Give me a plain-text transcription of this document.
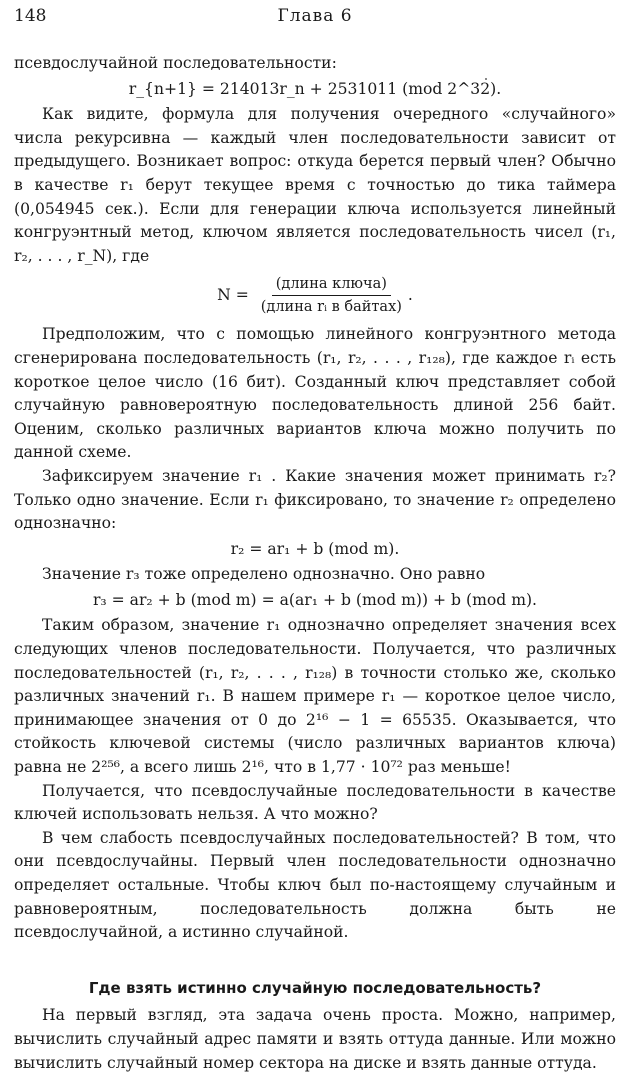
148	Глава 6

псевдослучайной последовательности:

r_{n+1} = 214013r_n + 2531011 (mod 2^32).

Как видите, формула для получения очередного «случайного» числа рекурсивна — каждый член последовательности зависит от предыдущего. Возникает вопрос: откуда берется первый член? Обычно в качестве r₁ берут текущее время с точностью до тика таймера (0,054945 сек.). Если для генерации ключа используется линейный конгруэнтный метод, ключом является последовательность чисел (r₁, r₂, . . . , r_N), где

$N = \frac{\text{(длина ключа)}}{\text{(длина rᵢ в байтах)}}$ .

Предположим, что с помощью линейного конгруэнтного метода сгенерирована последовательность (r₁, r₂, . . . , r₁₂₈), где каждое rᵢ есть короткое целое число (16 бит). Созданный ключ представляет собой случайную равновероятную последовательность длиной 256 байт. Оценим, сколько различных вариантов ключа можно получить по данной схеме.

Зафиксируем значение r₁ . Какие значения может принимать r₂? Только одно значение. Если r₁ фиксировано, то значение r₂ определено однозначно:

r₂ = ar₁ + b (mod m).

Значение r₃ тоже определено однозначно. Оно равно

r₃ = ar₂ + b (mod m) = a(ar₁ + b (mod m)) + b (mod m).

Таким образом, значение r₁ однозначно определяет значения всех следующих членов последовательности. Получается, что различных последовательностей (r₁, r₂, . . . , r₁₂₈) в точности столько же, сколько различных значений r₁. В нашем примере r₁ — короткое целое число, принимающее значения от 0 до 2¹⁶ − 1 = 65535. Оказывается, что стойкость ключевой системы (число различных вариантов ключа) равна не 2²⁵⁶, а всего лишь 2¹⁶, что в 1,77 · 10⁷² раз меньше!

Получается, что псевдослучайные последовательности в качестве ключей использовать нельзя. А что можно?

В чем слабость псевдослучайных последовательностей? В том, что они псевдослучайны. Первый член последовательности однозначно определяет остальные. Чтобы ключ был по-настоящему случайным и равновероятным, последовательность должна быть не псевдослучайной, а истинно случайной.

Где взять истинно случайную последовательность?

На первый взгляд, эта задача очень проста. Можно, например, вычислить случайный адрес памяти и взять оттуда данные. Или можно вычислить случайный номер сектора на диске и взять данные оттуда.
